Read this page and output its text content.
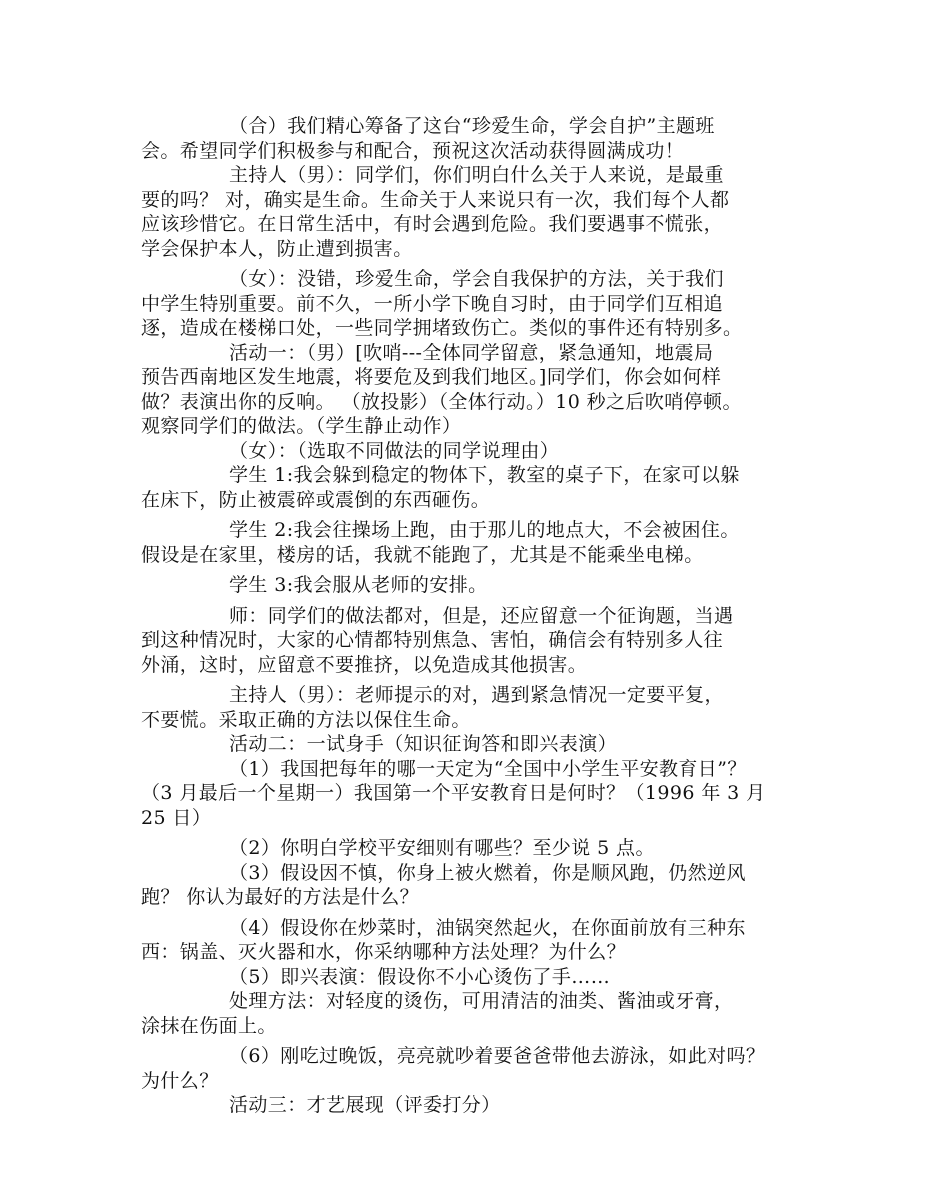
（合）我们精心筹备了这台“珍爱生命，学会自护”主题班
会。希望同学们积极参与和配合，预祝这次活动获得圆满成功！
主持人（男）：同学们，你们明白什么关于人来说，是最重
要的吗？ 对，确实是生命。生命关于人来说只有一次，我们每个人都
应该珍惜它。在日常生活中，有时会遇到危险。我们要遇事不慌张，
学会保护本人，防止遭到损害。
（女）：没错，珍爱生命，学会自我保护的方法，关于我们
中学生特别重要。前不久，一所小学下晚自习时，由于同学们互相追
逐，造成在楼梯口处，一些同学拥堵致伤亡。类似的事件还有特别多。
活动一：（男）[吹哨---全体同学留意，紧急通知，地震局
预告西南地区发生地震，将要危及到我们地区。]同学们，你会如何样
做？表演出你的反响。 （放投影）（全体行动。）10 秒之后吹哨停顿。
观察同学们的做法。（学生静止动作）
（女）：（选取不同做法的同学说理由）
学生 1:我会躲到稳定的物体下，教室的桌子下，在家可以躲
在床下，防止被震碎或震倒的东西砸伤。
学生 2:我会往操场上跑，由于那儿的地点大，不会被困住。
假设是在家里，楼房的话，我就不能跑了，尤其是不能乘坐电梯。
学生 3:我会服从老师的安排。
师：同学们的做法都对，但是，还应留意一个征询题，当遇
到这种情况时，大家的心情都特别焦急、害怕，确信会有特别多人往
外涌，这时，应留意不要推挤，以免造成其他损害。
主持人（男）：老师提示的对，遇到紧急情况一定要平复，
不要慌。采取正确的方法以保住生命。
活动二：一试身手（知识征询答和即兴表演）
（1）我国把每年的哪一天定为“全国中小学生平安教育日”？
（3 月最后一个星期一）我国第一个平安教育日是何时？（1996 年 3 月
25 日）
（2）你明白学校平安细则有哪些？至少说 5 点。
（3）假设因不慎，你身上被火燃着，你是顺风跑，仍然逆风
跑？ 你认为最好的方法是什么？
（4）假设你在炒菜时，油锅突然起火，在你面前放有三种东
西：锅盖、灭火器和水，你采纳哪种方法处理？为什么？
（5）即兴表演：假设你不小心烫伤了手……
处理方法：对轻度的烫伤，可用清洁的油类、酱油或牙膏，
涂抹在伤面上。
（6）刚吃过晚饭，亮亮就吵着要爸爸带他去游泳，如此对吗？
为什么？
活动三：才艺展现（评委打分）
